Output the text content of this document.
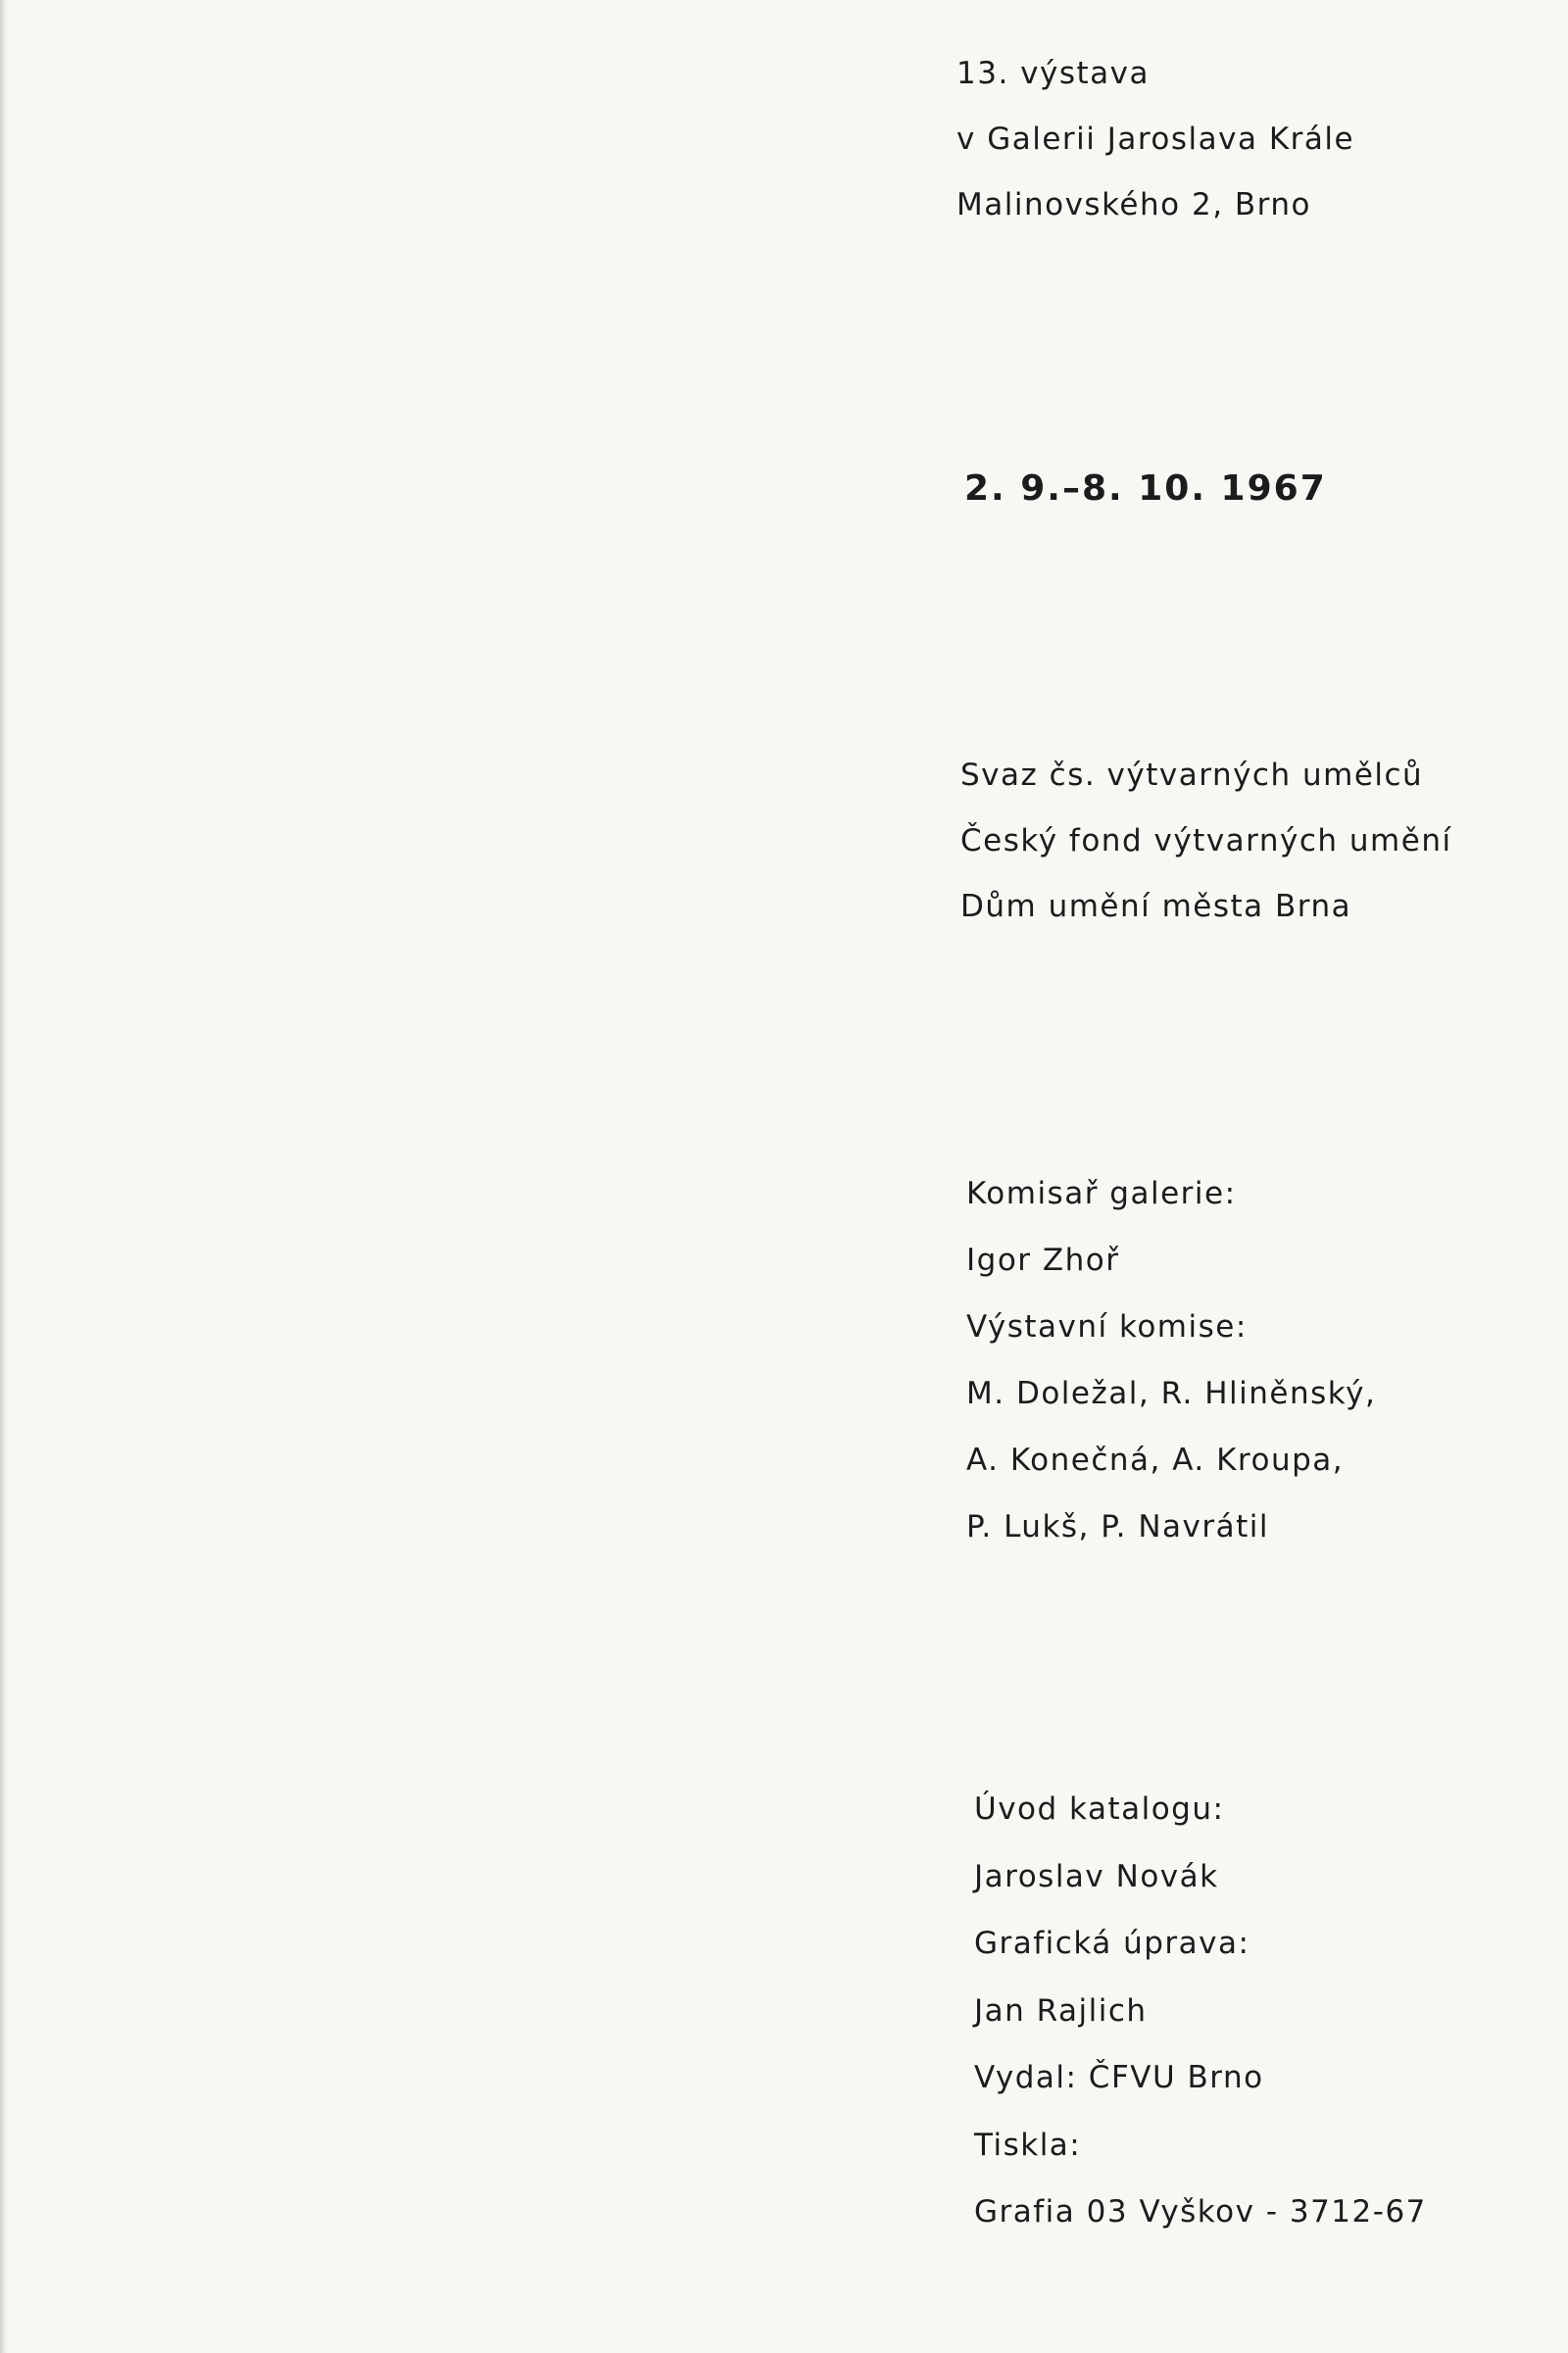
13. výstava
v Galerii Jaroslava Krále
Malinovského 2, Brno
2. 9.–8. 10. 1967
Svaz čs. výtvarných umělců
Český fond výtvarných umění
Dům umění města Brna
Komisař galerie:
Igor Zhoř
Výstavní komise:
M. Doležal, R. Hliněnský,
A. Konečná, A. Kroupa,
P. Lukš, P. Navrátil
Úvod katalogu:
Jaroslav Novák
Grafická úprava:
Jan Rajlich
Vydal: ČFVU Brno
Tiskla:
Grafia 03 Vyškov - 3712-67
